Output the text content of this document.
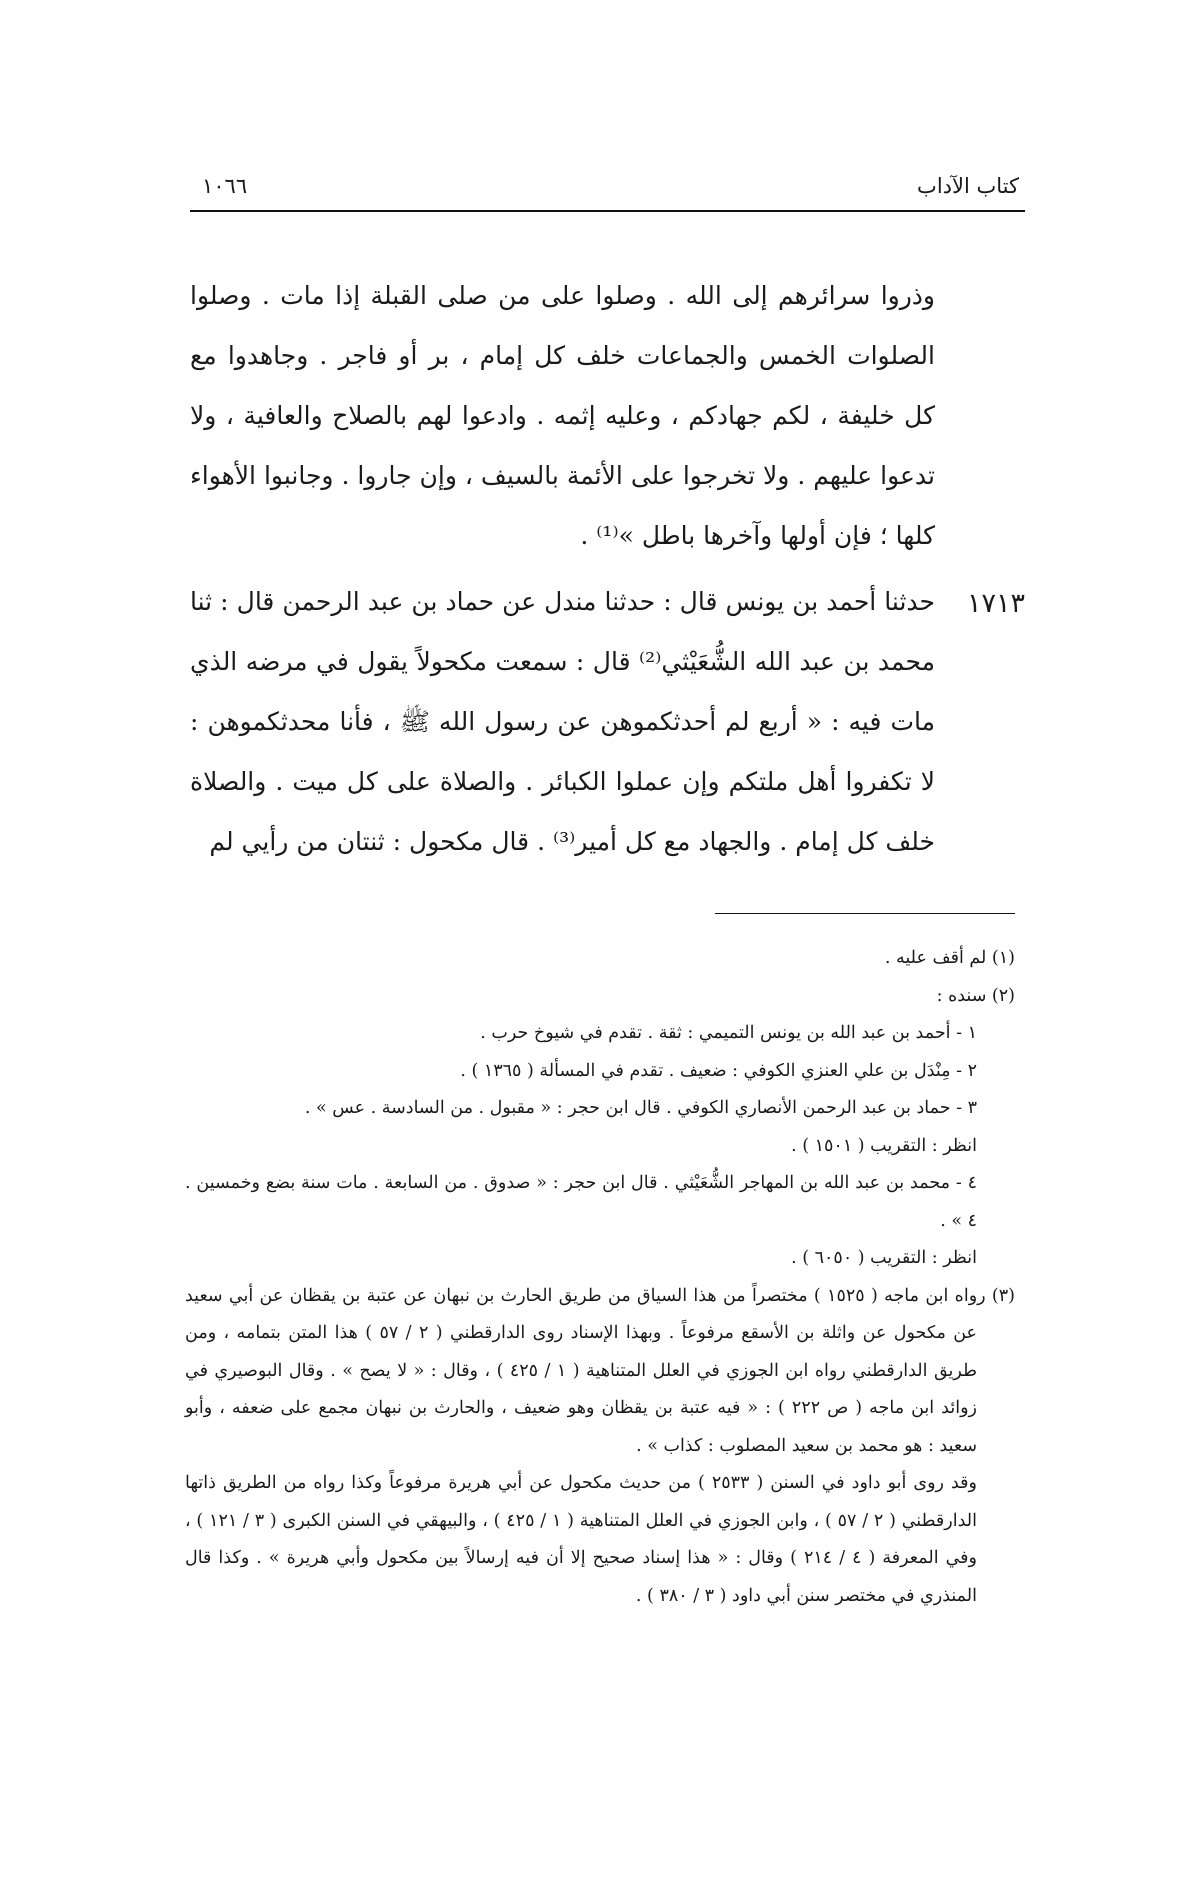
كتاب الآداب
١٠٦٦

وذروا سرائرهم إلى الله . وصلوا على من صلى القبلة إذا مات . وصلوا الصلوات الخمس والجماعات خلف كل إمام ، بر أو فاجر . وجاهدوا مع كل خليفة ، لكم جهادكم ، وعليه إثمه . وادعوا لهم بالصلاح والعافية ، ولا تدعوا عليهم . ولا تخرجوا على الأئمة بالسيف ، وإن جاروا . وجانبوا الأهواء كلها ؛ فإن أولها وآخرها باطل »⁽¹⁾ .

١٧١٣

حدثنا أحمد بن يونس قال : حدثنا مندل عن حماد بن عبد الرحمن قال : ثنا محمد بن عبد الله الشُّعَيْثي⁽²⁾ قال : سمعت مكحولاً يقول في مرضه الذي مات فيه : « أربع لم أحدثكموهن عن رسول الله ﷺ ، فأنا محدثكموهن : لا تكفروا أهل ملتكم وإن عملوا الكبائر . والصلاة على كل ميت . والصلاة خلف كل إمام . والجهاد مع كل أمير⁽³⁾ . قال مكحول : ثنتان من رأيي لم

(١) لم أقف عليه .

(٢) سنده :

١ - أحمد بن عبد الله بن يونس التميمي : ثقة . تقدم في شيوخ حرب .

٢ - مِنْدَل بن علي العنزي الكوفي : ضعيف . تقدم في المسألة ( ١٣٦٥ ) .

٣ - حماد بن عبد الرحمن الأنصاري الكوفي . قال ابن حجر : « مقبول . من السادسة . عس » .

انظر : التقريب ( ١٥٠١ ) .

٤ - محمد بن عبد الله بن المهاجر الشُّعَيْثي . قال ابن حجر : « صدوق . من السابعة . مات سنة بضع وخمسين . ٤ » .

انظر : التقريب ( ٦٠٥٠ ) .

(٣) رواه ابن ماجه ( ١٥٢٥ ) مختصراً من هذا السياق من طريق الحارث بن نبهان عن عتبة بن يقظان عن أبي سعيد عن مكحول عن واثلة بن الأسقع مرفوعاً . وبهذا الإسناد روى الدارقطني ( ٢ / ٥٧ ) هذا المتن بتمامه ، ومن طريق الدارقطني رواه ابن الجوزي في العلل المتناهية ( ١ / ٤٢٥ ) ، وقال : « لا يصح » . وقال البوصيري في زوائد ابن ماجه ( ص ٢٢٢ ) : « فيه عتبة بن يقظان وهو ضعيف ، والحارث بن نبهان مجمع على ضعفه ، وأبو سعيد : هو محمد بن سعيد المصلوب : كذاب » .

وقد روى أبو داود في السنن ( ٢٥٣٣ ) من حديث مكحول عن أبي هريرة مرفوعاً وكذا رواه من الطريق ذاتها الدارقطني ( ٢ / ٥٧ ) ، وابن الجوزي في العلل المتناهية ( ١ / ٤٢٥ ) ، والبيهقي في السنن الكبرى ( ٣ / ١٢١ ) ، وفي المعرفة ( ٤ / ٢١٤ ) وقال : « هذا إسناد صحيح إلا أن فيه إرسالاً بين مكحول وأبي هريرة » . وكذا قال المنذري في مختصر سنن أبي داود ( ٣ / ٣٨٠ ) .
